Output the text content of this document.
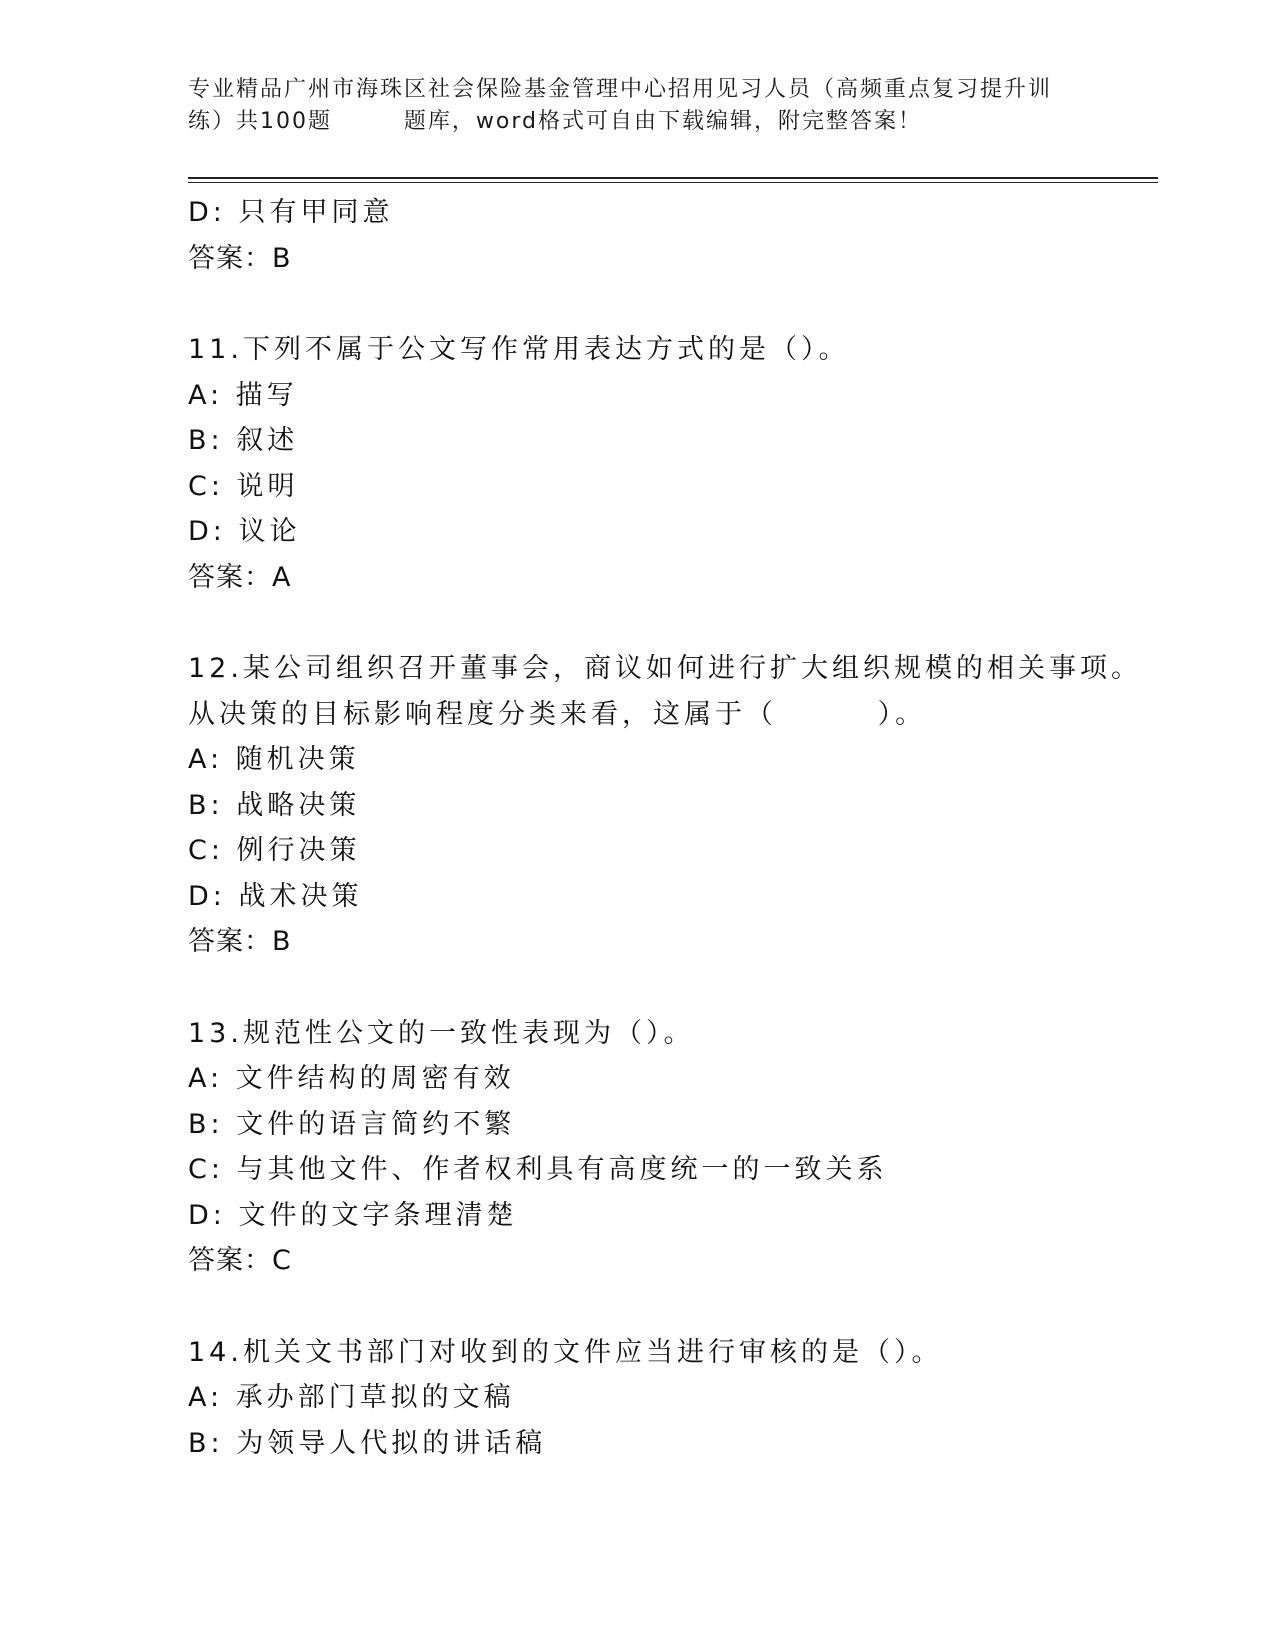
专业精品广州市海珠区社会保险基金管理中心招用见习人员（高频重点复习提升训
练）共100题        题库，word格式可自由下载编辑，附完整答案！

D: 只有甲同意

答案：B

11.下列不属于公文写作常用表达方式的是（）。

A: 描写

B: 叙述

C: 说明

D: 议论

答案：A

12.某公司组织召开董事会，商议如何进行扩大组织规模的相关事项。

从决策的目标影响程度分类来看，这属于（        ）。

A: 随机决策

B: 战略决策

C: 例行决策

D: 战术决策

答案：B

13.规范性公文的一致性表现为（）。

A: 文件结构的周密有效

B: 文件的语言简约不繁

C: 与其他文件、作者权利具有高度统一的一致关系

D: 文件的文字条理清楚

答案：C

14.机关文书部门对收到的文件应当进行审核的是（）。

A: 承办部门草拟的文稿

B: 为领导人代拟的讲话稿
